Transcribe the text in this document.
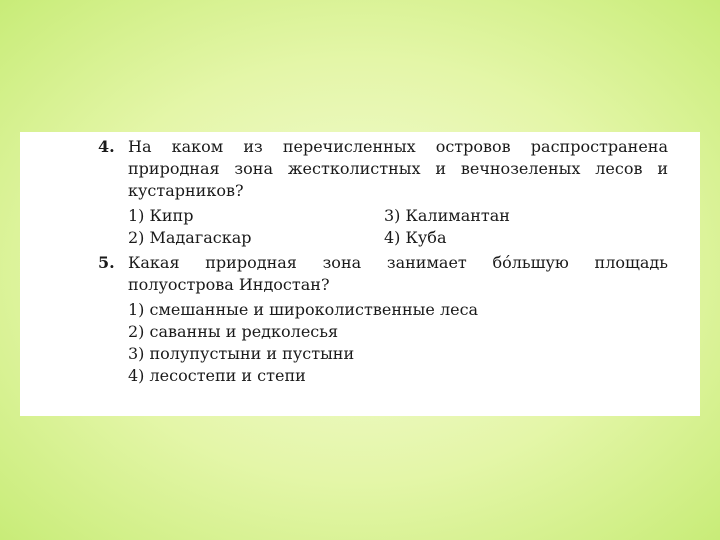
4. На каком из перечисленных островов распространена природная зона жестколистных и вечнозеленых лесов и кустарников?
1) Кипр	3) Калимантан
2) Мадагаскар	4) Куба
5. Какая природная зона занимает бóльшую площадь полуострова Индостан?
1) смешанные и широколиственные леса
2) саванны и редколесья
3) полупустыни и пустыни
4) лесостепи и степи
